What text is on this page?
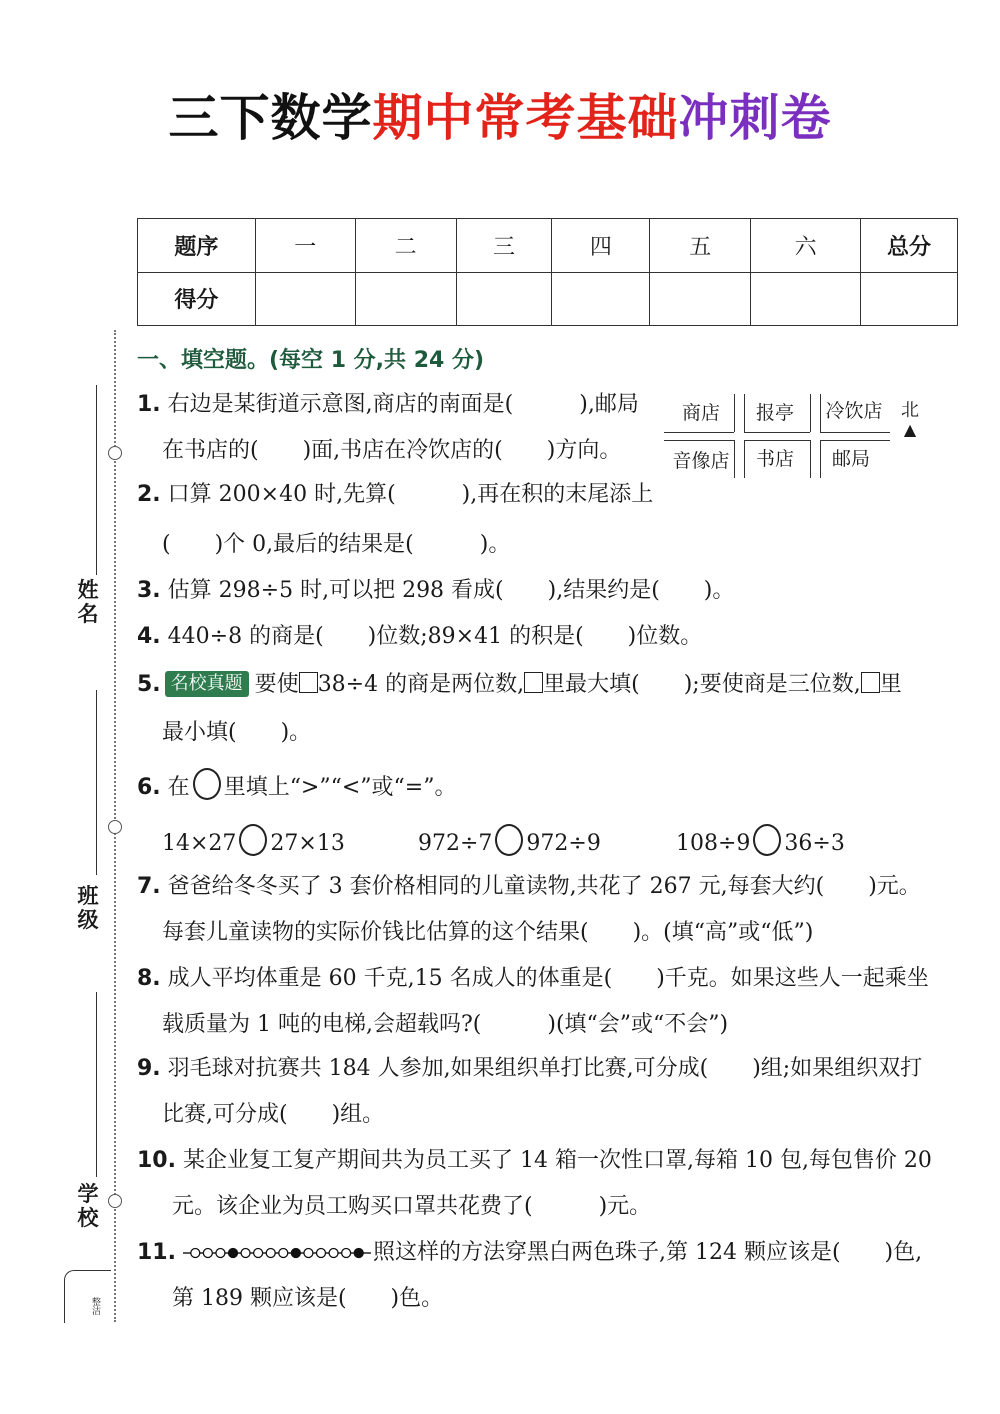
三下数学期中常考基础冲刺卷
题序	一	二	三	四	五	六	总分
得分							
姓名
班级
学校
整洁
一、填空题。(每空 1 分,共 24 分)
1. 右边是某街道示意图,商店的南面是(　　　),邮局
在书店的(　　)面,书店在冷饮店的(　　)方向。
商店	报亭	冷饮店
音像店	书店	邮局
北
▲
2. 口算 200×40 时,先算(　　　),再在积的末尾添上
(　　)个 0,最后的结果是(　　　)。
3. 估算 298÷5 时,可以把 298 看成(　　),结果约是(　　)。
4. 440÷8 的商是(　　)位数;89×41 的积是(　　)位数。
5. 名校真题 要使 38÷4 的商是两位数, 里最大填(　　);要使商是三位数, 里
最小填(　　)。
6. 在 里填上“>”“<”或“=”。
14×27 27×13	972÷7 972÷9	108÷9 36÷3
7. 爸爸给冬冬买了 3 套价格相同的儿童读物,共花了 267 元,每套大约(　　)元。
每套儿童读物的实际价钱比估算的这个结果(　　)。(填“高”或“低”)
8. 成人平均体重是 60 千克,15 名成人的体重是(　　)千克。如果这些人一起乘坐
载质量为 1 吨的电梯,会超载吗?(　　　)(填“会”或“不会”)
9. 羽毛球对抗赛共 184 人参加,如果组织单打比赛,可分成(　　)组;如果组织双打
比赛,可分成(　　)组。
10. 某企业复工复产期间共为员工买了 14 箱一次性口罩,每箱 10 包,每包售价 20
元。该企业为员工购买口罩共花费了(　　　)元。
11.	照这样的方法穿黑白两色珠子,第 124 颗应该是(　　)色,
第 189 颗应该是(　　)色。
